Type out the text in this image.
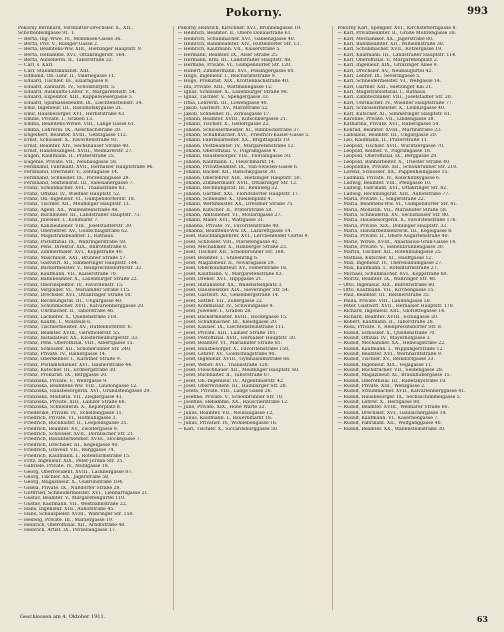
Pokorny.	993
Pokorny Bernhard, Verlmutter-Drechsler. X., XII.,
Schottenfeldgasse 91. T.
— Berta, Ing.-Wwe. IV., Mommsen-Gasse 36.
— Berta, Priv. V., Rüdiger-Gasse 2.
— Berta, Beamtens-Ww. XIII., Hietzinger Hauptstr. 9.
— Berta, Hebamme. XVI., Ottakringerstr. 164.
— Berta, Aufseherin. II., Taborstraße 22.
— Carl, s. Karl.
— Carl, Stallamtskanzlist. XIII.
— Edmund, Ob.-Lehr. II., Valeriegasse 11.
— Eduard, Tischler. III., Eslarngasse 8.
— Eduard, Zahnarzt. IV., Schönburgstr. 5.
— Eduard, Auskunfts-Leiter. V., Margaretenstr. 54.
— Eduard, Expeditor. XIII., Kuppelwiesergasse 5.
— Eduard, Sparkassebeamt. IX., Liechtensteinstr. 34.
— Emil, Ingenieur. III., Rasumofskygasse 21.
— Emil, Hausbesorger. XVI., Herbststraße 43.
— Emilie, Private. I., Graben 13.
— Emma, Beamtens-Witwe. VIII., Lange Gasse 61.
— Emma, Lehrerin. IX., Alserbachstraße 20.
— Engelbert, Beamter. XVIII., Gentzgasse 112.
— Ernst, Schlosser. X., Favoritenstraße 93.
— Ernst, Beamter. XIV., Sechshauser Straße 40.
— Ernst, Handelsangest. XVIII., Weimarerstr. 27.
— Eugen, Kaufmann. II., Praterstraße 35.
— Eugenie, Private. VII., Neubaugasse 58.
— Ferdinand, Fabrikant. XVII., Hernalser Hauptstraße 96.
— Ferdinand, Drechsler. V., Zentagasse 14.
— Ferdinand, Schneider. IX., Porzellangasse 29.
— Ferdinand, Sektionsrat. III., Salesianergasse 7.
— Franz, Schuhmacher. XVI., Thaliastraße 83.
— Franz, Offizial. IV., Wiedner Hauptstr. 52.
— Franz, Ob.-Ingenieur. VI., Gumpendorferstr. 18.
— Franz, Tischler. XII., Meidlinger Hauptstr. 11.
— Franz, Agent. XX., Wallensteinstraße 48.
— Franz, Buchbinder. III., Landstraßer Hauptstr. 73.
— Franz, Juwelier. I., Kohlmarkt 7.
— Franz, Kanzleidiener. VIII., Josefstädterstr. 39.
— Franz, Oberlehrer. XV., Goldschlagstraße 62.
— Franz, Magistratsbeamter. I., Rathaus.
— Franz, Postoffizial. IX., Währingerstraße 59.
— Franz, Pens. Direktor. XIX., Billrothstraße 8.
— Franz, Zimmermaler. XVI., Koppstraße 40.
— Franz, Maschinist. XXI., Brünner Straße 57.
— Franz, Gastwirt. XI., Simmeringer Hauptstr. 144.
— Franz, Bäckermeister. V., Reinprechtsdorferstr. 32.
— Franz, Kaufmann. VII., Kaiserstraße 70.
— Franz, Bahnbeamter. X., Laxenburger Straße 22.
— Franz, Oberinspektor. IV., Favoritenstr. 15.
— Franz, Vergolder. VI., Mariahilfer Straße 115.
— Franz, Drechsler. XVI., Ottakringer Straße 50.
— Franz, Rechnungsrat. III., Ungargasse 40.
— Franz, Schuhmacher. XVII., Kalvarienberggasse 20.
— Franz, Uhrmacher. II., Taborstraße 46.
— Franz, Lackierer. X., Quellenstraße 118.
— Franz, Kaufm. I., Wollzeile 6.
— Franz, Tischlermeister. XV., Hütteldorferstr. 6.
— Franz, Beamter. XVIII., Gersthoferstr. 55.
— Franz, Installateur. XX., Klosterneuburgerstr. 33.
— Franz, Pens. Oberoffizial. VIII., Albertgasse 15.
— Franz, Schlosser. XII., Schönbrunner Str. 240.
— Franz, Private. IV., Rainergasse 14.
— Franz, Oberkellner. I., Kärntner Straße 9.
— Franz, Postamtsdiener. XVI., Hasnerstraße 44.
— Franz, Kutscher. III., Erdbergstraße 30.
— Franz, Prokurist. IX., Berggasse 20.
— Franziska, Private. V., Wehrgasse 9.
— Franziska, Beamtens-Ww. VIII., Laudongasse 12.
— Franziska, Hausbesorgerin. XVI., Grundsteingasse 29.
— Franziska, Modistin. VII., Zieglergasse 41.
— Franziska, Private. XIII., Lainzer Straße 66.
— Franziska, Schneiderin. X., Keplerplatz 8.
— Friederike, Private. IV., Schelleingasse 11.
— Friedrich, Private. VI., Hofmühlgasse 3.
— Friedrich, Buchhalter. II., Leopoldsgasse 35.
— Friedrich, Beamter. XV., Zwölfergasse 9.
— Friedrich, Schlosser. XVII., Dornbacher Str. 21.
— Friedrich, Bauunternehmer. XVIII., Hockegasse 7.
— Friedrich, Drechsler. III., Kegelgasse 40.
— Friedrich, Graveur. VII., Burggasse 74.
— Friedrich, Kaufmann. I., Rotenturmstraße 15.
— Fritz, Ingenieur. XIX., Peter-Jordan-Str. 35.
— Gabriele, Private. IV., Mühlgasse 18.
— Georg, Oberrevident. XVIII., Lacknergasse 87.
— Georg, Tischler. XX., Jägerstraße 58.
— Georg, Magazineur. X., Gudrunstraße 104.
— Gisela, Private. IX., Nußdorfer Straße 28.
— Gottfried, Schneidermeister. XVI., Liebhartsgasse 21.
— Gustav, Beamter. V., Margaretengürtel 110.
— Gustav, Kaufmann. VII., Westbahnstraße 22.
— Hans, Ingenieur. XIII., Auhofstraße 45.
— Hans, Schauspieler. XVIII., Währinger Str. 150.
— Hedwig, Private. III., Marxergasse 19.
— Heinrich, Oberoffizial. XII., Arndtstraße 48.
— Heinrich, Artist. IX., Porzellangasse 17.
Pokorny Heinrich, Kirschner. XVI., Brunnengasse 19.
— Heinrich, Beamter. II., Obere Donaustraße 61.
— Heinrich, Schuhmacher. XVI., Gablenzgasse 40.
— Heinrich, Bahnbeamter. XIV., Hütteldorfer Str. 13.
— Heinrich, Kaufmann. VII., Kaiserstraße 5.
— Hermann, Beamter. IX., Alser Straße 25.
— Hermann, Kfm. III., Landstraßer Hauptstr. 88.
— Hermine, Private. VI., Gumpendorfer Str. 120.
— Hubert, Zimmermann. XVI., Possingergasse 60.
— Hugo, Ingenieur. I., Reichsratsstraße 9.
— Hugo, Prokurist. XIX., Krottenbachstraße 40.
— Ida, Private. XIII., Wattmanngasse 12.
— Ignaz, Schlosser. X., Laxenburger Straße 98.
— Ignaz, Tischler. V., Spengergasse 33.
— Irma, Lehrerin. III., Löwengasse 40.
— Jakob, Gastwirt. XV., Märzstraße 52.
— Jakob, Schneider. II., Zirkusgasse 17.
— Johann, Beamter. XVIII., Kutschkergasse 21.
— Johann, Tischler. X., Gellertgasse 22.
— Johann, Schlossermeister. XI., Rinnböckstraße 37.
— Johann, Schuhmacher. XVI., Friedrich-Kaiser-Gasse 5.
— Johann, Fabriksarbeiter. XX., Brigittaplatz 19.
— Johann, Postbeamter. IV., Margaretenstraße 12.
— Johann, Oberoffizial. V., Pilgramgasse 4.
— Johann, Hausbesorger. VIII., Florianigasse 50.
— Johann, Kaufmann. I., Fleischmarkt 14.
— Johann, Privatbeamter. IX., Van-Swieten-Gasse 6.
— Johann, Bäcker. XII., Ratschkygasse 30.
— Johann, Oberlehrer. XIII., Hietzinger Hauptstr. 50.
— Johann, Zimmermaler. XVII., Ottakringer Str. 12.
— Johann, Rechnungsrat. III., Rennweg 32.
— Johann, Gärtner. XXI., Floridsdorfer Hauptstr. 17.
— Johann, Schneider. X., Quellenplatz 4.
— Johann, Werkmeister. XX., Dresdner Straße 75.
— Johann, Kutscher. II., Praterstraße 58.
— Johann, Amtsdiener. VI., Mollardgasse 27.
— Johann, Maler. XVI., Wattgasse 31.
— Johanna, Private. IV., Favoritenstraße 40.
— Johanna, Beamtens-Ww. IX., Lazarettgasse 14.
— Josef, Rauchfangkehrer. XVI., Lerchenfelder Gürtel 9.
— Josef, Schlosser. VIII., Piaristengasse 42.
— Josef, Mechaniker. X., Himberger Straße 23.
— Josef, Tischler. XII., Schönbrunner Str. 188.
— Josef, Beamter. I., Stubenring 6.
— Josef, Magazineur. II., Novaragasse 29.
— Josef, Oberkondukteur. XV., Felberstraße 16.
— Josef, Kaufmann. V., Margaretenstraße 83.
— Josef, Dreher. XVI., Hippgasse 21.
— Josef, Installateur. XX., Wallensteinplatz 3.
— Josef, Hausbesitzer. XIX., Sieveringer Str. 54.
— Josef, Gastwirt. XI., Geiselbergstraße 14.
— Josef, Sattler. VII., Zollergasse 22.
— Josef, Kommissär. IV., Schwindgasse 9.
— Josef, Juwelier. I., Graben 28.
— Josef, Bäckermeister. XVIII., Hockegasse 15.
— Josef, Schuhmacher. III., Kleistgasse 20.
— Josef, Kassier. IX., Liechtensteinstraße 111.
— Josef, Private. XIII., Lainzer Straße 101.
— Josef, Postoffizial. XVII., Hernalser Hauptstr. 30.
— Josef, Beamter. VI., Mariahilfer Straße 81.
— Josef, Hausbesorger. X., Favoritenstraße 150.
— Josef, Lehrer. XV., Goldschlagstraße 90.
— Josef, Ingenieur. XVIII., Gymnasiumstraße 66.
— Josef, Weber. XVI., Thaliastraße 120.
— Josef, Fleischhauer. XII., Meidlinger Hauptstr. 60.
— Josef, Buchhalter. II., Taborstraße 67.
— Josef, Ob.-Ingenieur. IV., Argentinierstr. 42.
— Josef, Oberrevident. III., Hainburger Str. 28.
— Josefa, Private. VIII., Lange Gasse 26.
— Josefine, Private. V., Schönbrunner Str. 70.
— Josefine, Hebamme. XX., Rauscherstraße 12.
— Julie, Private. XIX., Hohe Warte 32.
— Julius, Beamter. VII., Neubaugasse 12.
— Julius, Kaufmann. I., Bauernmarkt 18.
— Julius, Privatier. IV., Wohllebengasse 16.
— Karl, Tischler. X., Siccardsburggasse 50.
Pokorny Karl, Spengler. XVI., Kirchstetterngasse 8.
— Karl, Privatbeamter. II., Große Mohrengasse 38.
— Karl, Mechaniker. XX., Jägerstraße 80.
— Karl, Bahnbeamter. XII., Wilhelmstraße 30.
— Karl, Schuhmacher. XVII., Rötzergasse 19.
— Karl, Kaufmann. III., Landstraßer Hauptstr. 114.
— Karl, Oberoffizial. V., Margaretenplatz 2.
— Karl, Ingenieur. XIX., Grinzinger Allee 9.
— Karl, Drechsler. XV., Neubaugürtel 42.
— Karl, Lehrer. IX., Severingasse 5.
— Karl, Schneidermeister. VI., Webgasse 14.
— Karl, Gärtner. XIII., Hietzinger Kai 21.
— Karl, Magistratsoffizial. I., Rathaus.
— Karl, Zahntechniker. VIII., Josefstädter Str. 20.
— Karl, Uhrmacher. IV., Wiedner Hauptstraße 77.
— Karl, Schlossermeister. X., Leibnizgasse 40.
— Karl, Kutscher. XI., Simmeringer Hauptstr. 61.
— Karoline, Private. VII., Lindengasse 38.
— Katharina, Private. XVI., Haberlgasse 54.
— Konrad, Beamter. XVIII., Martinstraße 23.
— Ladislaus, Beamter. III., Ungargasse 20.
— Leo, Kaufmann. II., Praterstraße 11.
— Leopold, Tischler. XVII., Wurlitzergasse 70.
— Leopold, Kellner. V., Pilgramgasse 18.
— Leopold, Oberoffizial. IX., Berggasse 29.
— Leopold, Bahnarbeiter. X., Triester Straße 40.
— Leopoldine, Private. XII., Schönbrunner Str. 210.
— Lorenz, Schlosser. XX., Pappenheimgasse 15.
— Ludmilla, Private. IV., Kolschitzkygasse 6.
— Ludwig, Beamter. VIII., Pfeilgasse 10.
— Ludwig, Fabrikant. XVI., Ottakringer Str. 82.
— Ludwig, Rechnungsrat. XIII., Auhofstraße 77.
— Maria, Private. I., Singerstraße 22.
— Maria, Beamtens-Ww. VI., Gumpendorfer Str. 41.
— Maria, Modistin. VII., Mariahilfer Straße 58.
— Maria, Schneiderin. XV., Sechshauser Str. 80.
— Maria, Hausbesorgerin. X., Favoritenstraße 176.
— Maria, Private. XIX., Döblinger Hauptstr. 33.
— Maria, Handarbeitslehrerin. III., Kegelgasse 8.
— Maria, Private. II., Obere Augartenstraße 40.
— Marie, Witwe. XVIII., Anastasius-Grün-Gasse 14.
— Marie, Private. V., Siebenbrunnengasse 30.
— Martin, Tischler. XII., Rotenmühlgasse 25.
— Mathias, Kutscher. XI., Hauffgasse 12.
— Max, Ingenieur. IV., Theresianumgasse 27.
— Max, Kaufmann. I., Rotenturmstraße 27.
— Michael, Schuhmacher. XVI., Koppstraße 60.
— Moritz, Beamter. IX., Währinger Str. 48.
— Otto, Ingenieur. XIX., Billrothstraße 60.
— Otto, Kaufmann. VII., Kirchengasse 15.
— Paul, Beamter. III., Reisnerstraße 35.
— Paula, Private. VIII., Laudongasse 50.
— Peter, Gastwirt. XVII., Hernalser Hauptstr. 170.
— Richard, Ingenieur. XIII., Gloriettegasse 14.
— Richard, Beamter. XVIII., Schulgasse 20.
— Robert, Kaufmann. II., Taborstraße 20.
— Rosa, Private. V., Reinprechtsdorfer Str. 8.
— Rudolf, Schlosser. X., Quellenstraße 70.
— Rudolf, Offizial. IV., Mayerhofgasse 3.
— Rudolf, Mechaniker. XX., Hellwagstraße 22.
— Rudolf, Kaufmann. I., Wipplingerstraße 12.
— Rudolf, Beamter. XVI., Wernhardtstraße 9.
— Rudolf, Tischler. XV., Reindorfgasse 33.
— Rudolf, Ingenieur. XIX., Vegagasse 11.
— Rudolf, Buchdrucker. VII., Seidengasse 28.
— Rudolf, Magazineur. XI., Braunhubergasse 15.
— Rudolf, Oberoffizial. III., Radetzkystraße 10.
— Rudolf, Private. XIII., Wenzgasse 2.
— Rudolf, Schuhmacher. XVII., Kalvarienberggasse 41.
— Rudolf, Hausbesorger. IX., Sechsschimmelgasse 5.
— Rudolf, Lehrer. X., Herzgasse 88.
— Rudolf, Beamter. XVIII., Weimarer Straße 60.
— Rudolf, Drechsler. XVI., Gaullachergasse 14.
— Rudolf, Kaufmann. VI., Kasernengasse 7.
— Rudolf, Fabrikant. XII., Wolfganggasse 40.
— Rudolf, Beamter. XX., Wallensteinstraße 30.
Geschlossen am 4. Oktober 1911.	63
